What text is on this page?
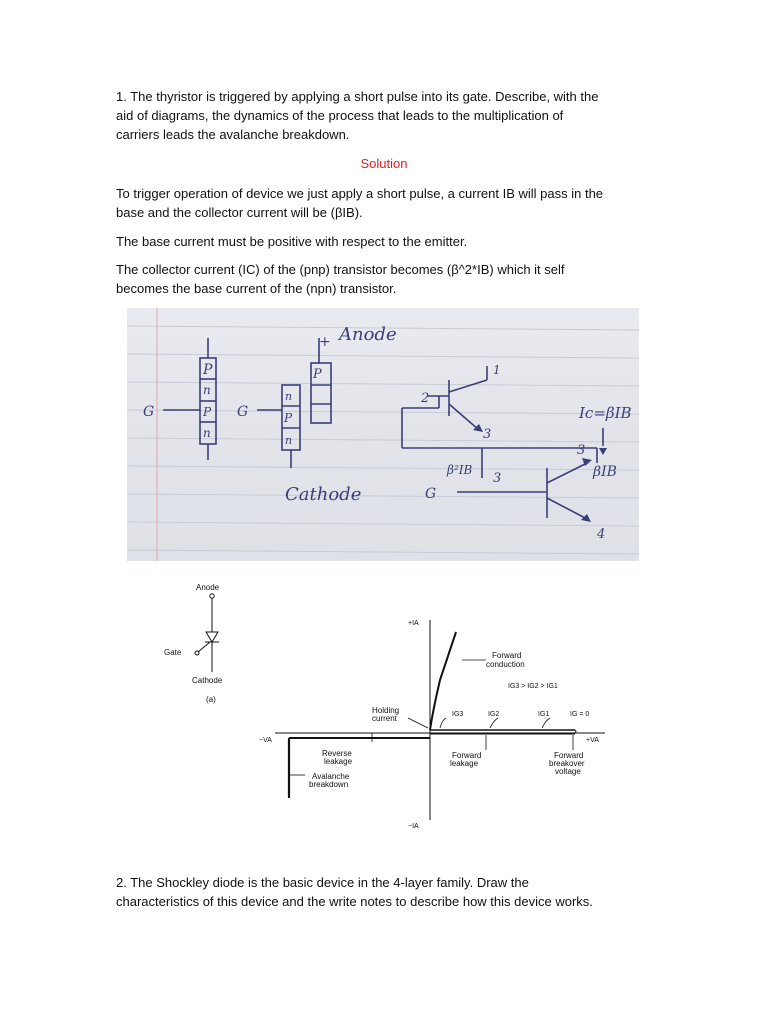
1. The thyristor is triggered by applying a short pulse into its gate. Describe, with the
aid of diagrams, the dynamics of the process that leads to the multiplication of
carriers leads the avalanche breakdown.
Solution
To trigger operation of device we just apply a short pulse, a current IB will pass in the
base and the collector current will be (βIB).
The base current must be positive with respect to the emitter.
The collector current (IC) of the (pnp) transistor becomes (β^2*IB) which it self
becomes the base current of the (npn) transistor.
P
n
P
n
G
P
n
P
n
G
Anode
+
Cathode
1
2
3
3
3
4
β²IB
Ic=βIB
βIB
G
Anode
Gate
Cathode
(a)
+IA
−IA
−VA	+VA
Forward conduction
IG3 > IG2 > IG1
Holding current	IG3	IG2	IG1	IG = 0
Reverse leakage
Avalanche breakdown
Forward leakage
Forward breakover voltage
2. The Shockley diode is the basic device in the 4-layer family. Draw the
characteristics of this device and the write notes to describe how this device works.
